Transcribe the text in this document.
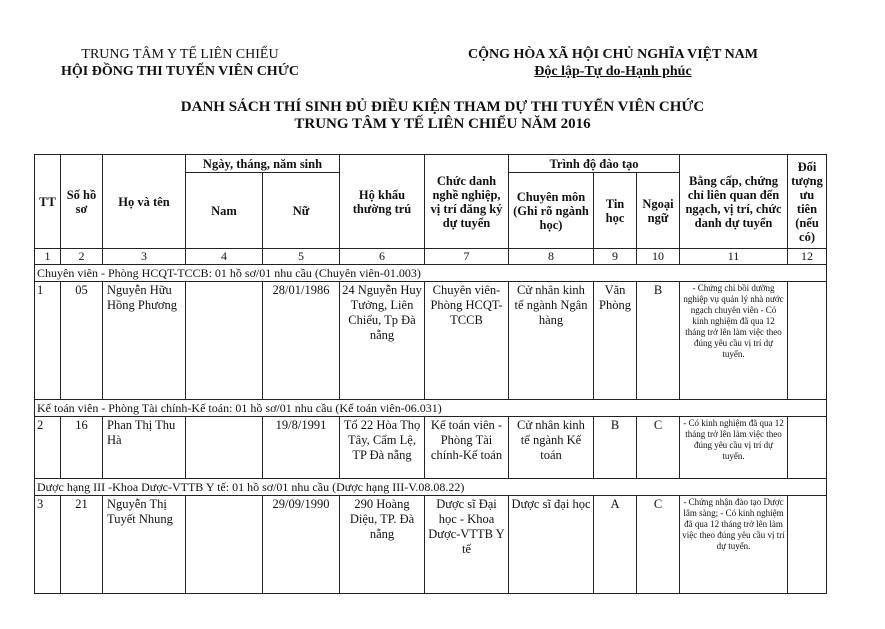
TRUNG TÂM Y TẾ LIÊN CHIỂU
HỘI ĐỒNG THI TUYỂN VIÊN CHỨC
CỘNG HÒA XÃ HỘI CHỦ NGHĨA VIỆT NAM
Độc lập-Tự do-Hạnh phúc
DANH SÁCH THÍ SINH ĐỦ ĐIỀU KIỆN THAM DỰ THI TUYỂN VIÊN CHỨC
TRUNG TÂM Y TẾ LIÊN CHIỂU NĂM 2016
TT	Số hồ sơ	Họ và tên	Ngày, tháng, năm sinh		Hộ khẩu thường trú	Chức danh nghề nghiệp, vị trí đăng ký dự tuyển	Trình độ đào tạo			Bằng cấp, chứng chỉ liên quan đến ngạch, vị trí, chức danh dự tuyển	Đối tượng ưu tiên (nếu có)
			Nam	Nữ			Chuyên môn (Ghi rõ ngành học)	Tin học	Ngoại ngữ		
1	2	3	4	5	6	7	8	9	10	11	12
Chuyên viên - Phòng HCQT-TCCB: 01 hồ sơ/01 nhu cầu (Chuyên viên-01.003)											
1	05	Nguyễn Hữu Hồng Phương		28/01/1986	24 Nguyễn Huy Tưởng, Liên Chiểu, Tp Đà nẵng	Chuyên viên-Phòng HCQT-TCCB	Cử nhân kinh tế ngành Ngân hàng	Văn Phòng	B	- Chứng chỉ bồi dưỡng nghiệp vụ quản lý nhà nước ngạch chuyên viên - Có kinh nghiệm đã qua 12 tháng trở lên làm việc theo đúng yêu cầu vị trí dự tuyển.	
Kế toán viên - Phòng Tài chính-Kế toán: 01 hồ sơ/01 nhu cầu (Kế toán viên-06.031)											
2	16	Phan Thị Thu Hà		19/8/1991	Tổ 22 Hòa Thọ Tây, Cẩm Lệ, TP Đà nẵng	Kế toán viên - Phòng Tài chính-Kế toán	Cử nhân kinh tế ngành Kế toán	B	C	- Có kinh nghiệm đã qua 12 tháng trở lên làm việc theo đúng yêu cầu vị trí dự tuyển.	
Dược hạng III -Khoa Dược-VTTB Y tế: 01 hồ sơ/01 nhu cầu (Dược hạng III-V.08.08.22)											
3	21	Nguyễn Thị Tuyết Nhung		29/09/1990	290 Hoàng Diệu, TP. Đà nẵng	Dược sĩ Đại học - Khoa Dược-VTTB Y tế	Dược sĩ đại học	A	C	- Chứng nhận đào tạo Dược lâm sàng; - Có kinh nghiệm đã qua 12 tháng trở lên làm việc theo đúng yêu cầu vị trí dự tuyển.	
